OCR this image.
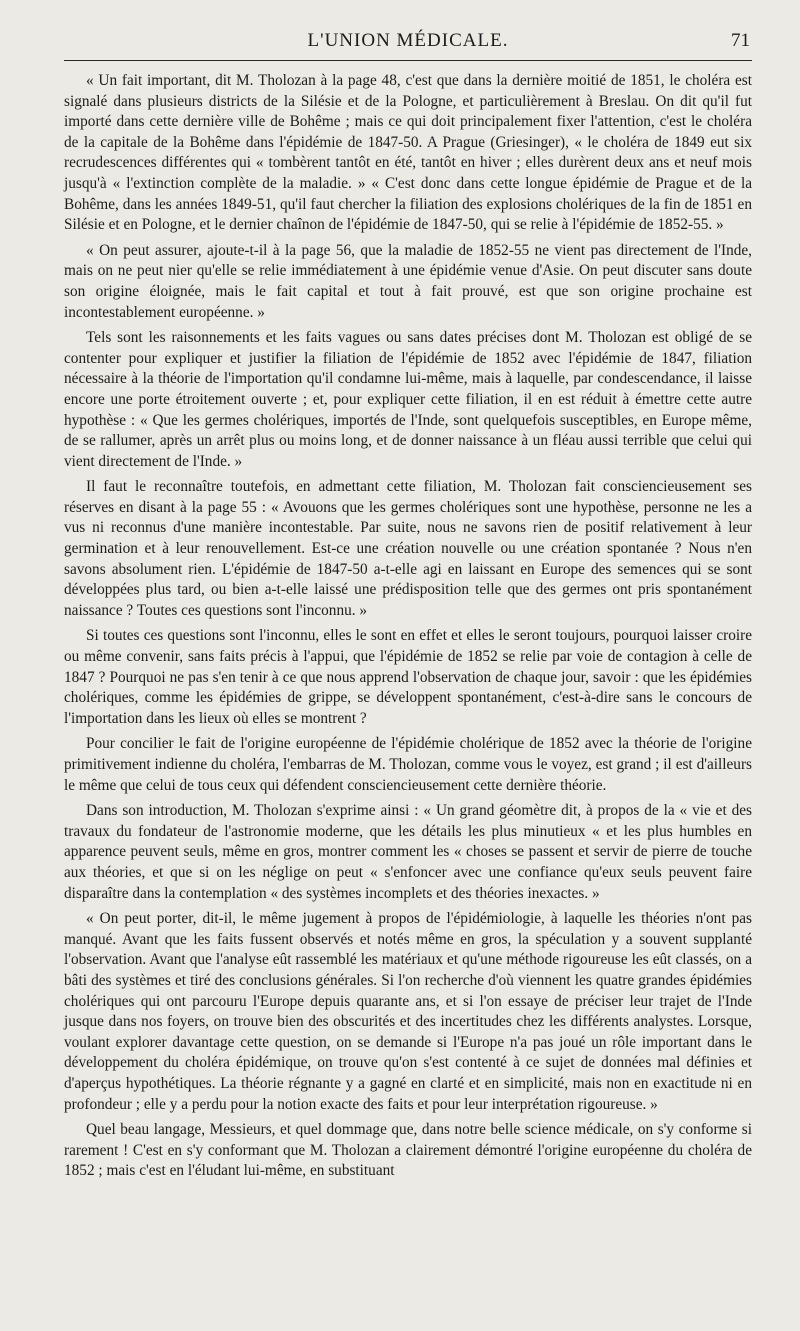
L'UNION MÉDICALE.	71

« Un fait important, dit M. Tholozan à la page 48, c'est que dans la dernière moitié de 1851, le choléra est signalé dans plusieurs districts de la Silésie et de la Pologne, et particulièrement à Breslau. On dit qu'il fut importé dans cette dernière ville de Bohême ; mais ce qui doit principalement fixer l'attention, c'est le choléra de la capitale de la Bohême dans l'épidémie de 1847-50. A Prague (Griesinger), « le choléra de 1849 eut six recrudescences différentes qui « tombèrent tantôt en été, tantôt en hiver ; elles durèrent deux ans et neuf mois jusqu'à « l'extinction complète de la maladie. » « C'est donc dans cette longue épidémie de Prague et de la Bohême, dans les années 1849-51, qu'il faut chercher la filiation des explosions cholériques de la fin de 1851 en Silésie et en Pologne, et le dernier chaînon de l'épidémie de 1847-50, qui se relie à l'épidémie de 1852-55. »

« On peut assurer, ajoute-t-il à la page 56, que la maladie de 1852-55 ne vient pas directement de l'Inde, mais on ne peut nier qu'elle se relie immédiatement à une épidémie venue d'Asie. On peut discuter sans doute son origine éloignée, mais le fait capital et tout à fait prouvé, est que son origine prochaine est incontestablement européenne. »

Tels sont les raisonnements et les faits vagues ou sans dates précises dont M. Tholozan est obligé de se contenter pour expliquer et justifier la filiation de l'épidémie de 1852 avec l'épidémie de 1847, filiation nécessaire à la théorie de l'importation qu'il condamne lui-même, mais à laquelle, par condescendance, il laisse encore une porte étroitement ouverte ; et, pour expliquer cette filiation, il en est réduit à émettre cette autre hypothèse : « Que les germes cholériques, importés de l'Inde, sont quelquefois susceptibles, en Europe même, de se rallumer, après un arrêt plus ou moins long, et de donner naissance à un fléau aussi terrible que celui qui vient directement de l'Inde. »

Il faut le reconnaître toutefois, en admettant cette filiation, M. Tholozan fait consciencieusement ses réserves en disant à la page 55 : « Avouons que les germes cholériques sont une hypothèse, personne ne les a vus ni reconnus d'une manière incontestable. Par suite, nous ne savons rien de positif relativement à leur germination et à leur renouvellement. Est-ce une création nouvelle ou une création spontanée ? Nous n'en savons absolument rien. L'épidémie de 1847-50 a-t-elle agi en laissant en Europe des semences qui se sont développées plus tard, ou bien a-t-elle laissé une prédisposition telle que des germes ont pris spontanément naissance ? Toutes ces questions sont l'inconnu. »

Si toutes ces questions sont l'inconnu, elles le sont en effet et elles le seront toujours, pourquoi laisser croire ou même convenir, sans faits précis à l'appui, que l'épidémie de 1852 se relie par voie de contagion à celle de 1847 ? Pourquoi ne pas s'en tenir à ce que nous apprend l'observation de chaque jour, savoir : que les épidémies cholériques, comme les épidémies de grippe, se développent spontanément, c'est-à-dire sans le concours de l'importation dans les lieux où elles se montrent ?

Pour concilier le fait de l'origine européenne de l'épidémie cholérique de 1852 avec la théorie de l'origine primitivement indienne du choléra, l'embarras de M. Tholozan, comme vous le voyez, est grand ; il est d'ailleurs le même que celui de tous ceux qui défendent consciencieusement cette dernière théorie.

Dans son introduction, M. Tholozan s'exprime ainsi : « Un grand géomètre dit, à propos de la « vie et des travaux du fondateur de l'astronomie moderne, que les détails les plus minutieux « et les plus humbles en apparence peuvent seuls, même en gros, montrer comment les « choses se passent et servir de pierre de touche aux théories, et que si on les néglige on peut « s'enfoncer avec une confiance qu'eux seuls peuvent faire disparaître dans la contemplation « des systèmes incomplets et des théories inexactes. »

« On peut porter, dit-il, le même jugement à propos de l'épidémiologie, à laquelle les théories n'ont pas manqué. Avant que les faits fussent observés et notés même en gros, la spéculation y a souvent supplanté l'observation. Avant que l'analyse eût rassemblé les matériaux et qu'une méthode rigoureuse les eût classés, on a bâti des systèmes et tiré des conclusions générales. Si l'on recherche d'où viennent les quatre grandes épidémies cholériques qui ont parcouru l'Europe depuis quarante ans, et si l'on essaye de préciser leur trajet de l'Inde jusque dans nos foyers, on trouve bien des obscurités et des incertitudes chez les différents analystes. Lorsque, voulant explorer davantage cette question, on se demande si l'Europe n'a pas joué un rôle important dans le développement du choléra épidémique, on trouve qu'on s'est contenté à ce sujet de données mal définies et d'aperçus hypothétiques. La théorie régnante y a gagné en clarté et en simplicité, mais non en exactitude ni en profondeur ; elle y a perdu pour la notion exacte des faits et pour leur interprétation rigoureuse. »

Quel beau langage, Messieurs, et quel dommage que, dans notre belle science médicale, on s'y conforme si rarement ! C'est en s'y conformant que M. Tholozan a clairement démontré l'origine européenne du choléra de 1852 ; mais c'est en l'éludant lui-même, en substituant
